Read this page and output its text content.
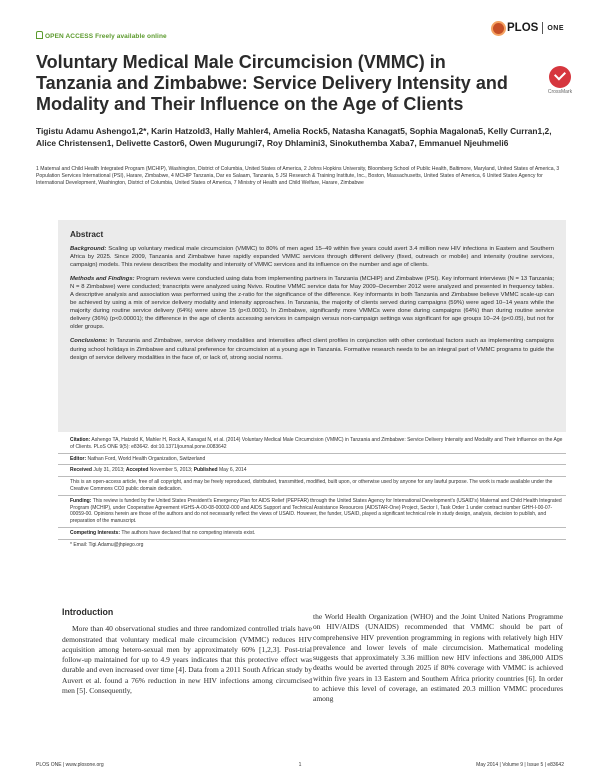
OPEN ACCESS Freely available online
PLOS ONE
Voluntary Medical Male Circumcision (VMMC) in Tanzania and Zimbabwe: Service Delivery Intensity and Modality and Their Influence on the Age of Clients
CrossMark
Tigistu Adamu Ashengo1,2*, Karin Hatzold3, Hally Mahler4, Amelia Rock5, Natasha Kanagat5, Sophia Magalona5, Kelly Curran1,2, Alice Christensen1, Delivette Castor6, Owen Mugurungi7, Roy Dhlamini3, Sinokuthemba Xaba7, Emmanuel Njeuhmeli6
1 Maternal and Child Health Integrated Program (MCHIP), Washington, District of Columbia, United States of America, 2 Johns Hopkins University, Bloomberg School of Public Health, Baltimore, Maryland, United States of America, 3 Population Services International (PSI), Harare, Zimbabwe, 4 MCHIP Tanzania, Dar es Salaam, Tanzania, 5 JSI Research & Training Institute, Inc., Boston, Massachusetts, United States of America, 6 United States Agency for International Development, Washington, District of Columbia, United States of America, 7 Ministry of Health and Child Welfare, Harare, Zimbabwe
Abstract

Background: Scaling up voluntary medical male circumcision (VMMC) to 80% of men aged 15–49 within five years could avert 3.4 million new HIV infections in Eastern and Southern Africa by 2025. Since 2009, Tanzania and Zimbabwe have rapidly expanded VMMC services through different delivery (fixed, outreach or mobile) and intensity (routine services, campaign) models. This review describes the modality and intensity of VMMC services and its influence on the number and age of clients.

Methods and Findings: Program reviews were conducted using data from implementing partners in Tanzania (MCHIP) and Zimbabwe (PSI). Key informant interviews (N = 13 Tanzania; N = 8 Zimbabwe) were conducted; transcripts were analyzed using Nvivo. Routine VMMC service data for May 2009–December 2012 were analyzed and presented in frequency tables. A descriptive analysis and association was performed using the z-ratio for the significance of the difference. Key informants in both Tanzania and Zimbabwe believe VMMC scale-up can be achieved by using a mix of service delivery modality and intensity approaches. In Tanzania, the majority of clients served during campaigns (59%) were aged 10–14 years while the majority during routine service delivery (64%) were above 15 (p<0.0001). In Zimbabwe, significantly more VMMCs were done during campaigns (64%) than during routine service delivery (36%) (p<0.00001); the difference in the age of clients accessing services in campaign versus non-campaign settings was significant for age groups 10–24 (p<0.05), but not for older groups.

Conclusions: In Tanzania and Zimbabwe, service delivery modalities and intensities affect client profiles in conjunction with other contextual factors such as implementing campaigns during school holidays in Zimbabwe and cultural preference for circumcision at a young age in Tanzania. Formative research needs to be an integral part of VMMC programs to guide the design of service delivery modalities in the face of, or lack of, strong social norms.

Citation: Ashengo TA, Hatzold K, Mahler H, Rock A, Kanagat N, et al. (2014) Voluntary Medical Male Circumcision (VMMC) in Tanzania and Zimbabwe: Service Delivery Intensity and Modality and Their Influence on the Age of Clients. PLoS ONE 9(5): e83642. doi:10.1371/journal.pone.0083642
Editor: Nathan Ford, World Health Organization, Switzerland
Received July 31, 2013; Accepted November 5, 2013; Published May 6, 2014
This is an open-access article, free of all copyright, and may be freely reproduced, distributed, transmitted, modified, built upon, or otherwise used by anyone for any lawful purpose. The work is made available under the Creative Commons CC0 public domain dedication.
Funding: This review is funded by the United States President's Emergency Plan for AIDS Relief (PEPFAR) through the United States Agency for International Development's (USAID's) Maternal and Child Health Integrated Program (MCHIP), under Cooperative Agreement #GHS-A-00-08-00002-000 and AIDS Support and Technical Assistance Resources (AIDSTAR-One) Project, Sector I, Task Order 1 under contract number GHH-I-00-07-00059-00. Opinions herein are those of the authors and do not necessarily reflect the views of USAID. However, the funder, USAID, played a significant technical role in study design, analysis, decision to publish, and preparation of the manuscript.
Competing Interests: The authors have declared that no competing interests exist.
* Email: Tigi.Adamu@jhpiego.org
Introduction

More than 40 observational studies and three randomized controlled trials have demonstrated that voluntary medical male circumcision (VMMC) reduces HIV acquisition among hetero-sexual men by approximately 60% [1,2,3]. Post-trial follow-up maintained for up to 4.9 years indicates that this protective effect was durable and even increased over time [4]. Data from a 2011 South African study by Auvert et al. found a 76% reduction in new HIV infections among circumcised men [5]. Consequently,

the World Health Organization (WHO) and the Joint United Nations Programme on HIV/AIDS (UNAIDS) recommended that VMMC should be part of comprehensive HIV prevention programming in regions with relatively high HIV prevalence and lower levels of male circumcision. Mathematical modeling suggests that approximately 3.36 million new HIV infections and 386,000 AIDS deaths would be averted through 2025 if 80% coverage with VMMC is achieved within five years in 13 Eastern and Southern Africa priority countries [6]. In order to achieve this level of coverage, an estimated 20.3 million VMMC procedures among

PLOS ONE | www.plosone.org	1	May 2014 | Volume 9 | Issue 5 | e83642
